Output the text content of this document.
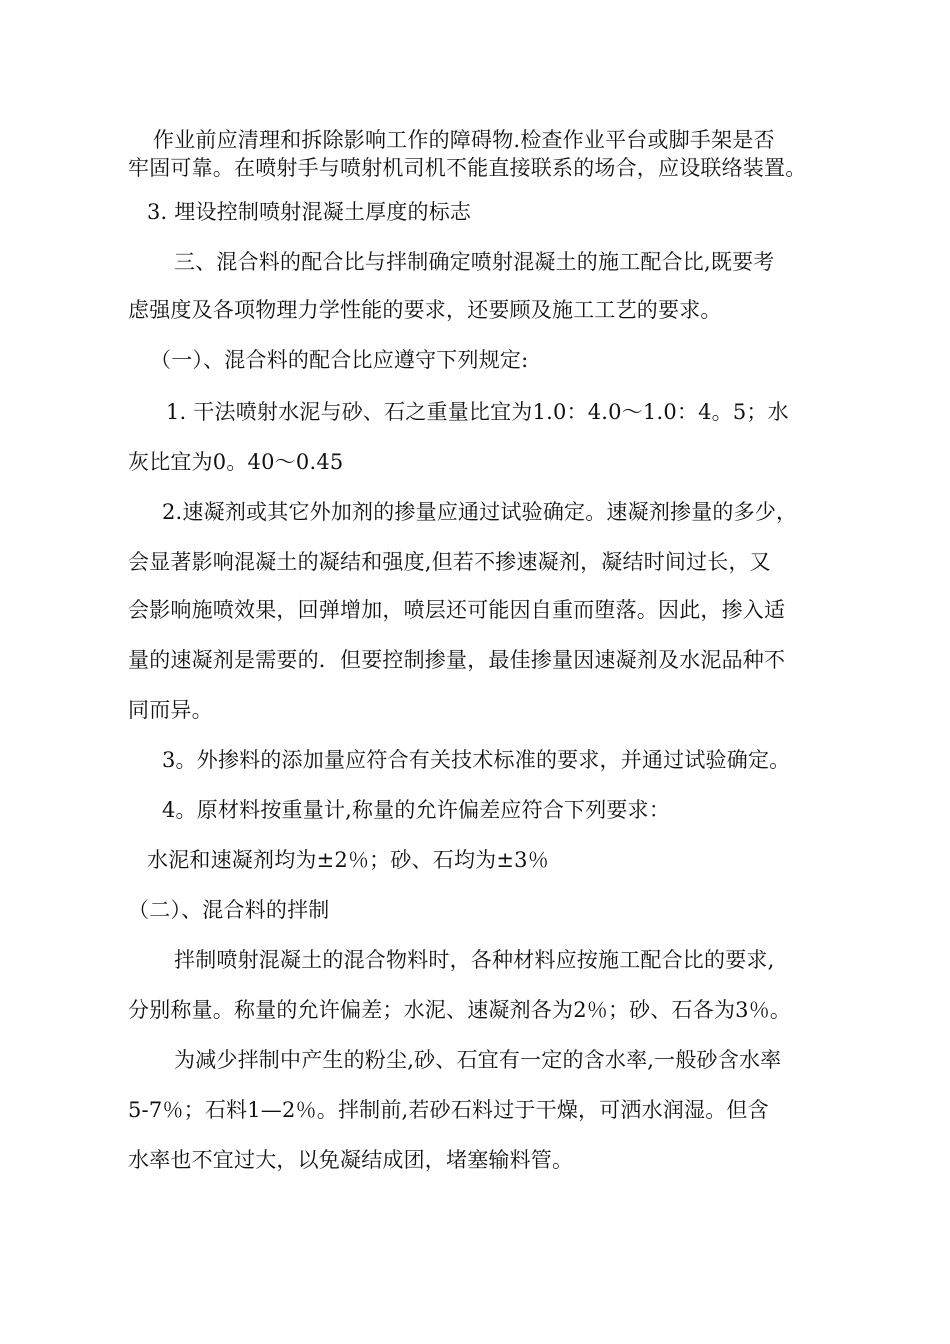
作业前应清理和拆除影响工作的障碍物.检查作业平台或脚手架是否
牢固可靠。在喷射手与喷射机司机不能直接联系的场合，应设联络装置。
3. 埋设控制喷射混凝土厚度的标志
三、混合料的配合比与拌制确定喷射混凝土的施工配合比,既要考
虑强度及各项物理力学性能的要求，还要顾及施工工艺的要求。
（一）、混合料的配合比应遵守下列规定:
1. 干法喷射水泥与砂、石之重量比宜为1.0：4.0〜1.0：4。5；水
灰比宜为0。40〜0.45
2.速凝剂或其它外加剂的掺量应通过试验确定。速凝剂掺量的多少，
会显著影响混凝土的凝结和强度,但若不掺速凝剂，凝结时间过长，又
会影响施喷效果，回弹增加，喷层还可能因自重而堕落。因此，掺入适
量的速凝剂是需要的．但要控制掺量，最佳掺量因速凝剂及水泥品种不
同而异。
3。外掺料的添加量应符合有关技术标准的要求，并通过试验确定。
4。原材料按重量计,称量的允许偏差应符合下列要求：
水泥和速凝剂均为±2％；砂、石均为±3％
（二）、混合料的拌制
拌制喷射混凝土的混合物料时，各种材料应按施工配合比的要求,
分别称量。称量的允许偏差；水泥、速凝剂各为2％；砂、石各为3％。
为减少拌制中产生的粉尘,砂、石宜有一定的含水率,一般砂含水率
5-7％；石料1—2％。拌制前,若砂石料过于干燥，可洒水润湿。但含
水率也不宜过大，以免凝结成团，堵塞输料管。
